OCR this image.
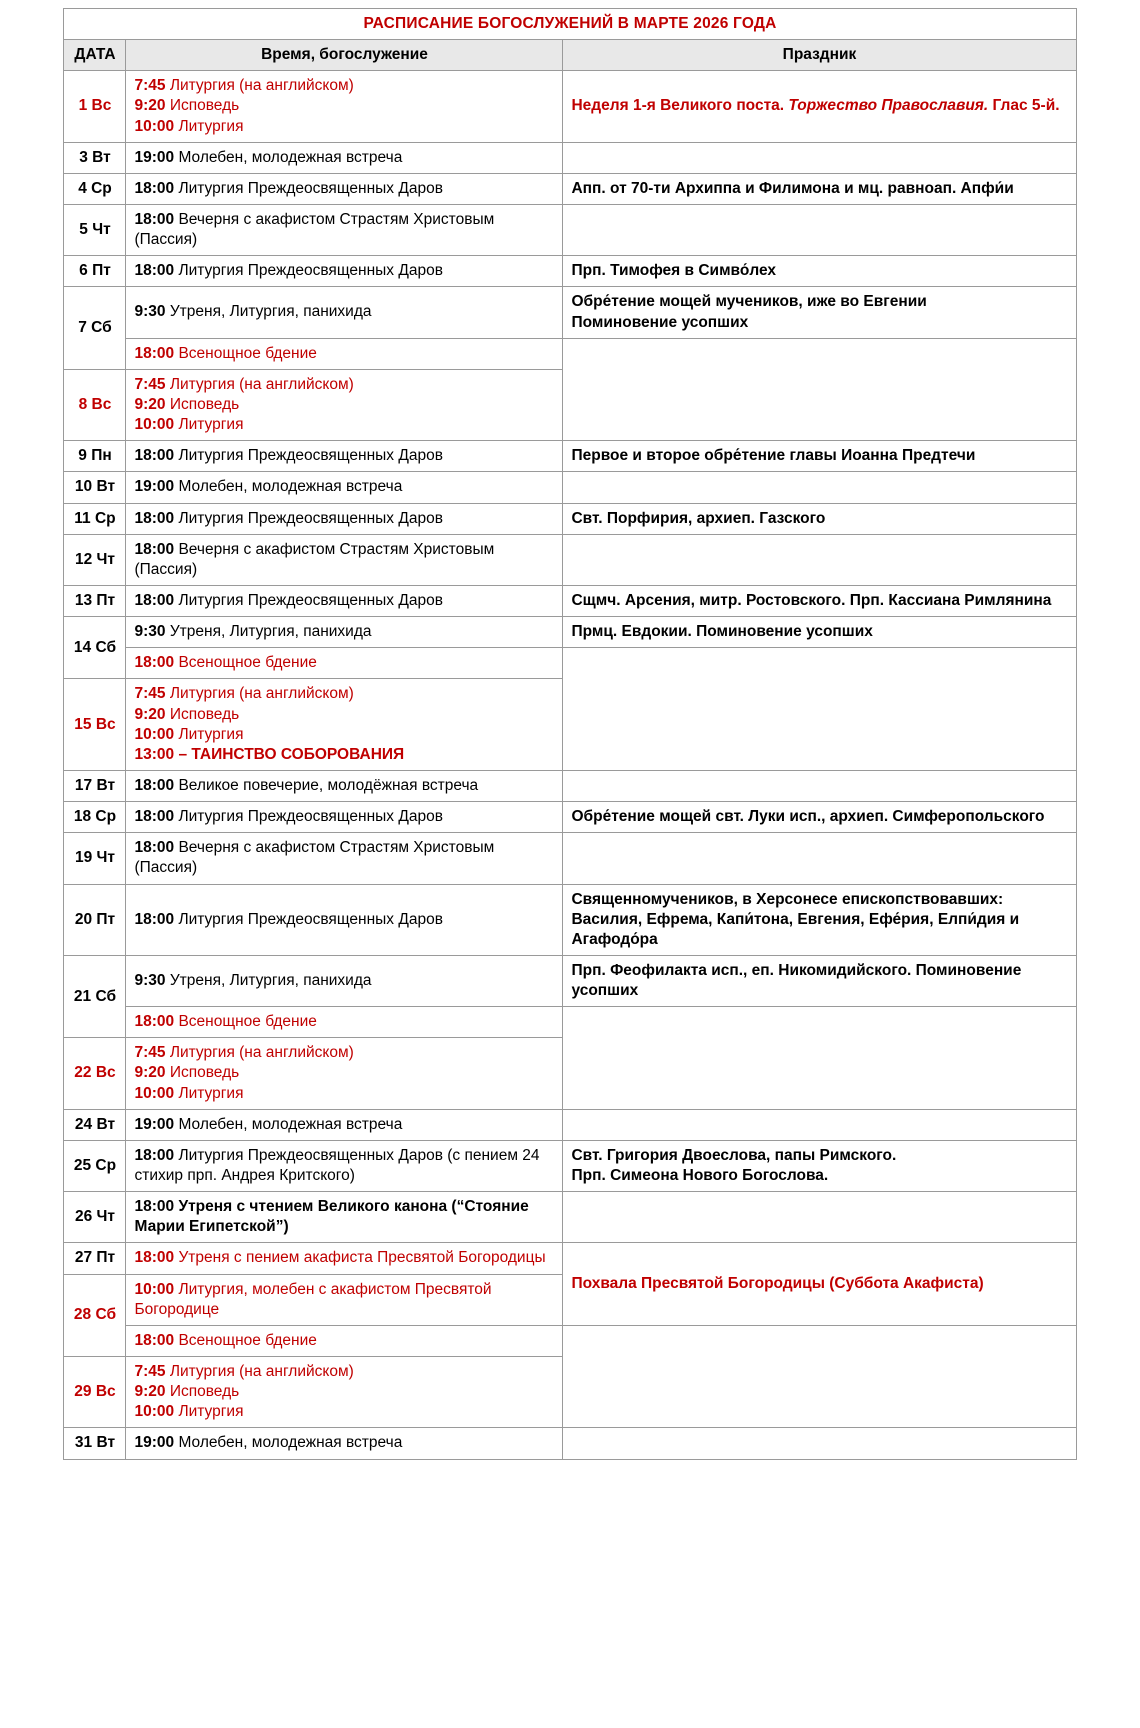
РАСПИСАНИЕ БОГОСЛУЖЕНИЙ В МАРТЕ 2026 ГОДА		
ДАТА	Время, богослужение	Праздник
1 Вс	7:45 Литургия (на английском)
9:20 Исповедь
10:00 Литургия	Неделя 1-я Великого поста. Торжество Православия. Глас 5-й.

3 Вт	19:00 Молебен, молодежная встреча	

4 Ср	18:00 Литургия Преждеосвященных Даров	Апп. от 70-ти Архиппа и Филимона и мц. равноап. Апфи́и

5 Чт	18:00 Вечерня с акафистом Страстям Христовым (Пассия)	

6 Пт	18:00 Литургия Преждеосвященных Даров	Прп. Тимофея в Симво́лех

7 Сб	9:30 Утреня, Литургия, панихида	Обре́тение мощей мучеников, иже во Евгении
Поминовение усопших

	18:00 Всенощное бдение	

8 Вс	7:45 Литургия (на английском)
9:20 Исповедь
10:00 Литургия	

9 Пн	18:00 Литургия Преждеосвященных Даров	Первое и второе обре́тение главы Иоанна Предтечи

10 Вт	19:00 Молебен, молодежная встреча	

11 Ср	18:00 Литургия Преждеосвященных Даров	Свт. Порфирия, архиеп. Газского

12 Чт	18:00 Вечерня с акафистом Страстям Христовым (Пассия)	

13 Пт	18:00 Литургия Преждеосвященных Даров	Сщмч. Арсения, митр. Ростовского. Прп. Кассиана Римлянина

14 Сб	9:30 Утреня, Литургия, панихида	Прмц. Евдокии. Поминовение усопших

	18:00 Всенощное бдение	

15 Вс	7:45 Литургия (на английском)
9:20 Исповедь
10:00 Литургия
13:00 – ТАИНСТВО СОБОРОВАНИЯ	

17 Вт	18:00 Великое повечерие, молодёжная встреча	

18 Ср	18:00 Литургия Преждеосвященных Даров	Обре́тение мощей свт. Луки исп., архиеп. Симферопольского

19 Чт	18:00 Вечерня с акафистом Страстям Христовым (Пассия)	

20 Пт	18:00 Литургия Преждеосвященных Даров	Священномучеников, в Херсонесе епископствовавших: Василия, Ефрема, Капи́тона, Евгения, Ефе́рия, Елпи́дия и Агафодо́ра

21 Сб	9:30 Утреня, Литургия, панихида	Прп. Феофилакта исп., еп. Никомидийского. Поминовение усопших

	18:00 Всенощное бдение	

22 Вс	7:45 Литургия (на английском)
9:20 Исповедь
10:00 Литургия	

24 Вт	19:00 Молебен, молодежная встреча	

25 Ср	18:00 Литургия Преждеосвященных Даров (с пением 24 стихир прп. Андрея Критского)	Свт. Григория Двоеслова, папы Римского.
Прп. Симеона Нового Богослова.

26 Чт	18:00 Утреня с чтением Великого канона (“Стояние Марии Египетской”)	

27 Пт	18:00 Утреня с пением акафиста Пресвятой Богородицы	Похвала Пресвятой Богородицы (Суббота Акафиста)

28 Сб	10:00 Литургия, молебен с акафистом Пресвятой Богородице	

	18:00 Всенощное бдение	

29 Вс	7:45 Литургия (на английском)
9:20 Исповедь
10:00 Литургия	

31 Вт	19:00 Молебен, молодежная встреча	
